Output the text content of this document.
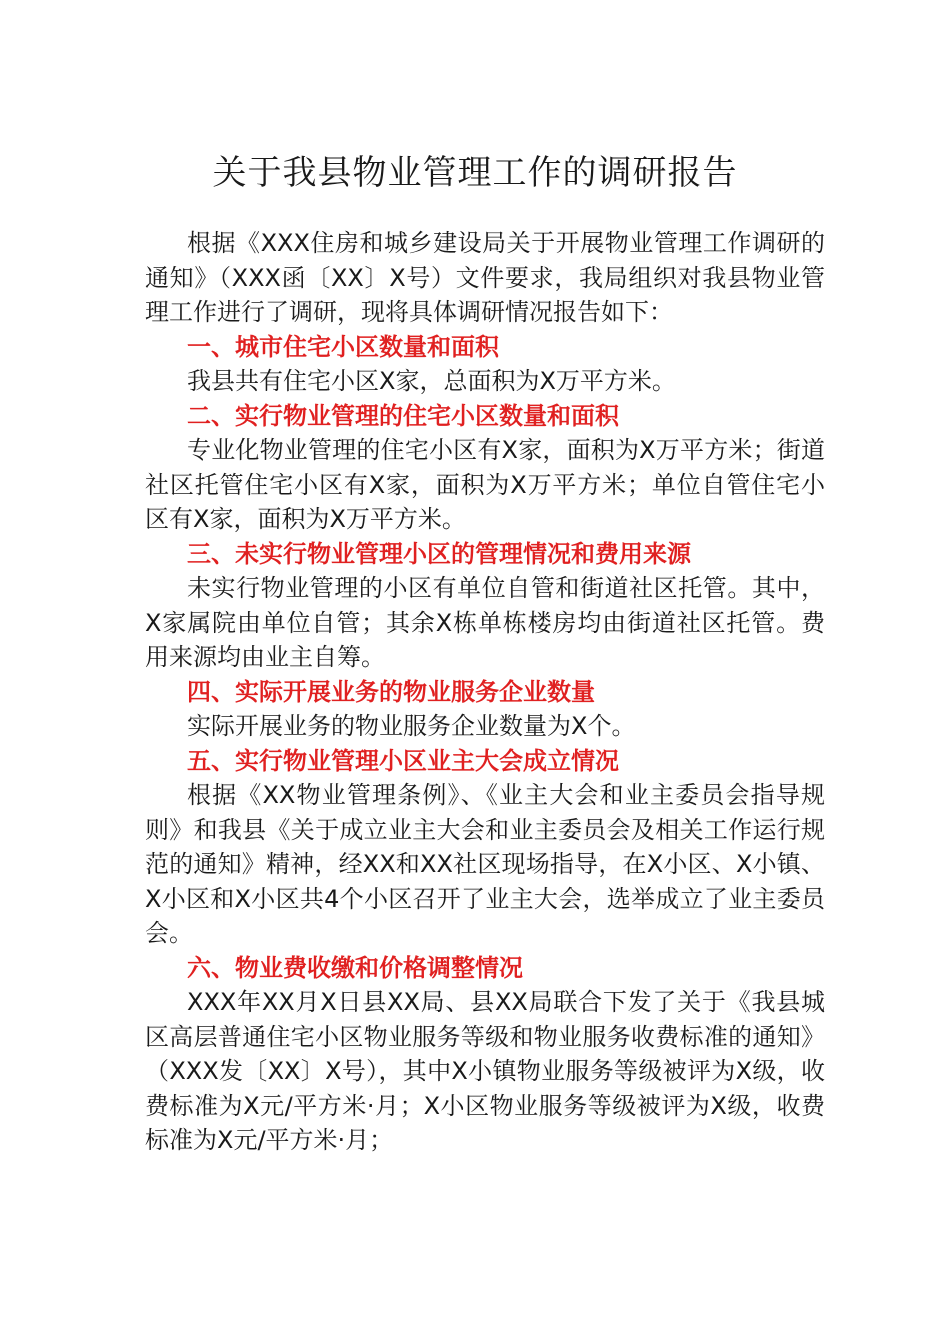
关于我县物业管理工作的调研报告

根据《XXX住房和城乡建设局关于开展物业管理工作调研的通知》（XXX函〔XX〕X号）文件要求，我局组织对我县物业管理工作进行了调研，现将具体调研情况报告如下：

一、城市住宅小区数量和面积

我县共有住宅小区X家，总面积为X万平方米。

二、实行物业管理的住宅小区数量和面积

专业化物业管理的住宅小区有X家，面积为X万平方米；街道社区托管住宅小区有X家，面积为X万平方米；单位自管住宅小区有X家，面积为X万平方米。

三、未实行物业管理小区的管理情况和费用来源

未实行物业管理的小区有单位自管和街道社区托管。其中，X家属院由单位自管；其余X栋单栋楼房均由街道社区托管。费用来源均由业主自筹。

四、实际开展业务的物业服务企业数量

实际开展业务的物业服务企业数量为X个。

五、实行物业管理小区业主大会成立情况

根据《XX物业管理条例》、《业主大会和业主委员会指导规则》和我县《关于成立业主大会和业主委员会及相关工作运行规范的通知》精神，经XX和XX社区现场指导，在X小区、X小镇、X小区和X小区共4个小区召开了业主大会，选举成立了业主委员会。

六、物业费收缴和价格调整情况

XXX年XX月X日县XX局、县XX局联合下发了关于《我县城区高层普通住宅小区物业服务等级和物业服务收费标准的通知》（XXX发〔XX〕X号），其中X小镇物业服务等级被评为X级，收费标准为X元/平方米·月；X小区物业服务等级被评为X级，收费标准为X元/平方米·月；
